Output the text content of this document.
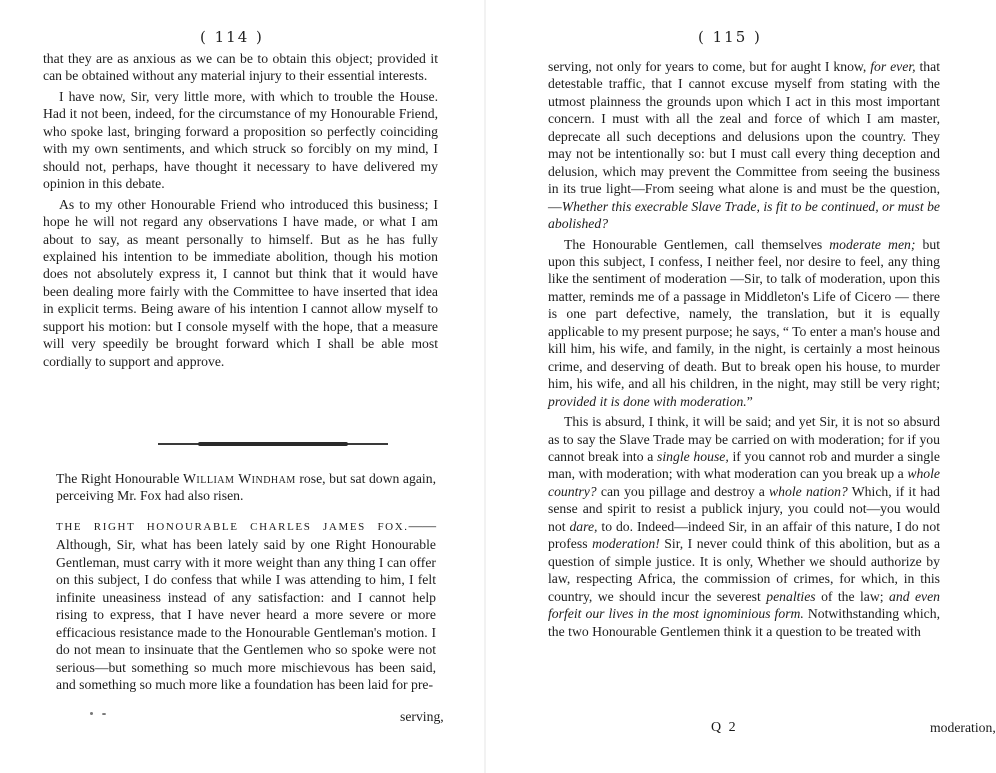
( 114 )

that they are as anxious as we can be to obtain this object; provided it can be obtained without any material injury to their essential interests.

I have now, Sir, very little more, with which to trouble the House. Had it not been, indeed, for the circumstance of my Honourable Friend, who spoke last, bringing forward a proposition so perfectly coinciding with my own sentiments, and which struck so forcibly on my mind, I should not, perhaps, have thought it necessary to have delivered my opinion in this debate.

As to my other Honourable Friend who introduced this business; I hope he will not regard any observations I have made, or what I am about to say, as meant personally to himself. But as he has fully explained his intention to be immediate abolition, though his motion does not absolutely express it, I cannot but think that it would have been dealing more fairly with the Committee to have inserted that idea in explicit terms. Being aware of his intention I cannot allow myself to support his motion: but I console myself with the hope, that a measure will very speedily be brought forward which I shall be able most cordially to support and approve.

The Right Honourable William Windham rose, but sat down again, perceiving Mr. Fox had also risen.

THE RIGHT HONOURABLE CHARLES JAMES FOX.—— Although, Sir, what has been lately said by one Right Honourable Gentleman, must carry with it more weight than any thing I can offer on this subject, I do confess that while I was attending to him, I felt infinite uneasiness instead of any satisfaction: and I cannot help rising to express, that I have never heard a more severe or more efficacious resistance made to the Honourable Gentleman's motion. I do not mean to insinuate that the Gentlemen who so spoke were not serious—but something so much more mischievous has been said, and something so much more like a foundation has been laid for pre-

serving,
( 115 )

serving, not only for years to come, but for aught I know, for ever, that detestable traffic, that I cannot excuse myself from stating with the utmost plainness the grounds upon which I act in this most important concern. I must with all the zeal and force of which I am master, deprecate all such deceptions and delusions upon the country. They may not be intentionally so: but I must call every thing deception and delusion, which may prevent the Committee from seeing the business in its true light—From seeing what alone is and must be the question,—Whether this execrable Slave Trade, is fit to be continued, or must be abolished?

The Honourable Gentlemen, call themselves moderate men; but upon this subject, I confess, I neither feel, nor desire to feel, any thing like the sentiment of moderation —Sir, to talk of moderation, upon this matter, reminds me of a passage in Middleton's Life of Cicero — there is one part defective, namely, the translation, but it is equally applicable to my present purpose; he says, “ To enter a man's house and kill him, his wife, and family, in the night, is certainly a most heinous crime, and deserving of death. But to break open his house, to murder him, his wife, and all his children, in the night, may still be very right; provided it is done with moderation.”

This is absurd, I think, it will be said; and yet Sir, it is not so absurd as to say the Slave Trade may be carried on with moderation; for if you cannot break into a single house, if you cannot rob and murder a single man, with moderation; with what moderation can you break up a whole country? can you pillage and destroy a whole nation? Which, if it had sense and spirit to resist a publick injury, you could not—you would not dare, to do. Indeed—indeed Sir, in an affair of this nature, I do not profess moderation! Sir, I never could think of this abolition, but as a question of simple justice. It is only, Whether we should authorize by law, respecting Africa, the commission of crimes, for which, in this country, we should incur the severest penalties of the law; and even forfeit our lives in the most ignominious form. Notwithstanding which, the two Honourable Gentlemen think it a question to be treated with

Q 2	moderation,
